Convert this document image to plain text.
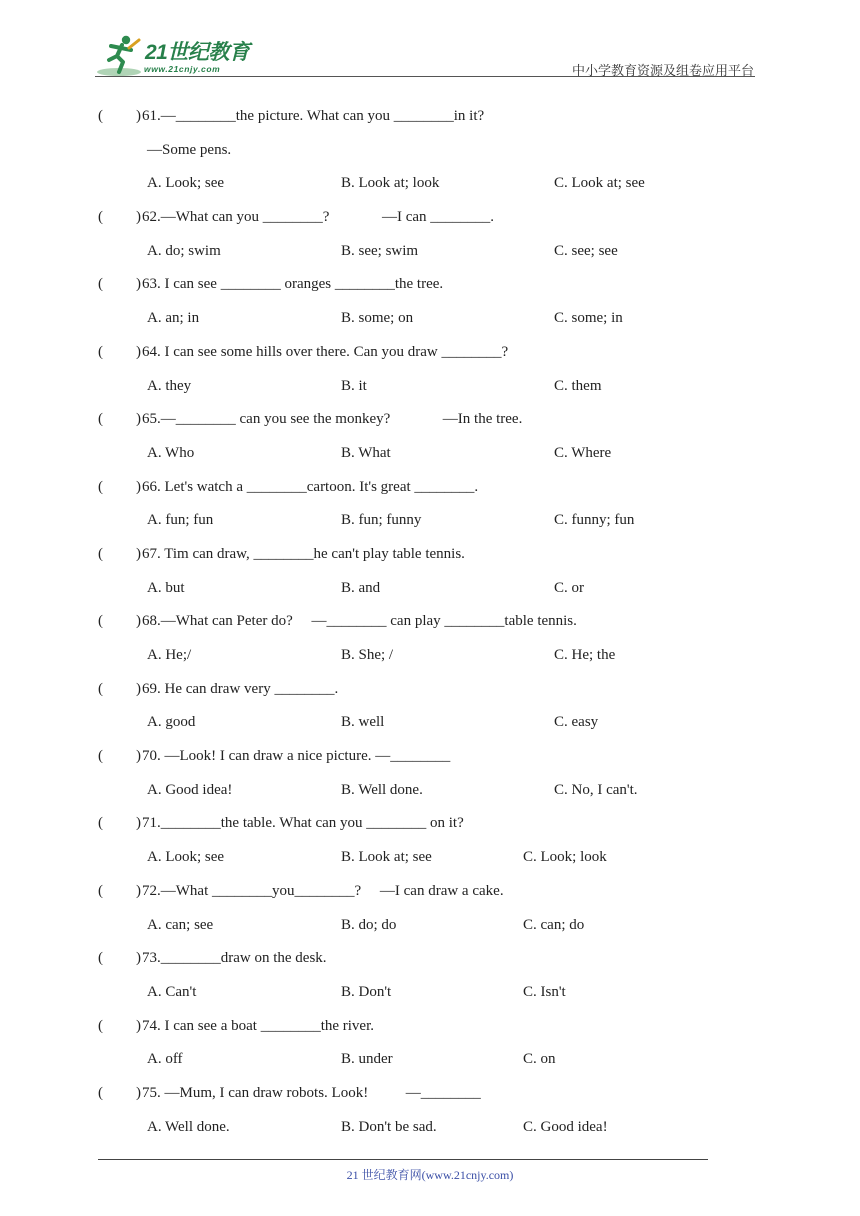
21世纪教育
www.21cnjy.com	中小学教育资源及组卷应用平台
( ) 61.—________the picture. What can you ________in it?
—Some pens.
A. Look; see	B. Look at; look	C. Look at; see
( ) 62.—What can you ________?              —I can ________.
A. do; swim	B. see; swim	C. see; see
( ) 63. I can see ________ oranges ________the tree.
A. an; in	B. some; on	C. some; in
( ) 64. I can see some hills over there. Can you draw ________?
A. they	B. it	C. them
( ) 65.—________ can you see the monkey?              —In the tree.
A. Who	B. What	C. Where
( ) 66. Let's watch a ________cartoon. It's great ________.
A. fun; fun	B. fun; funny	C. funny; fun
( ) 67. Tim can draw, ________he can't play table tennis.
A. but	B. and	C. or
( ) 68.—What can Peter do?     —________ can play ________table tennis.
A. He;/	B. She; /	C. He; the
( ) 69. He can draw very ________.
A. good	B. well	C. easy
( ) 70. —Look! I can draw a nice picture. —________
A. Good idea!	B. Well done.	C. No, I can't.
( ) 71.________the table. What can you ________ on it?
A. Look; see	B. Look at; see	C. Look; look
( ) 72.—What ________you________?     —I can draw a cake.
A. can; see	B. do; do	C. can; do
( ) 73.________draw on the desk.
A. Can't	B. Don't	C. Isn't
( ) 74. I can see a boat ________the river.
A. off	B. under	C. on
( ) 75. —Mum, I can draw robots. Look!          —________
A. Well done.	B. Don't be sad.	C. Good idea!
21 世纪教育网(www.21cnjy.com)
